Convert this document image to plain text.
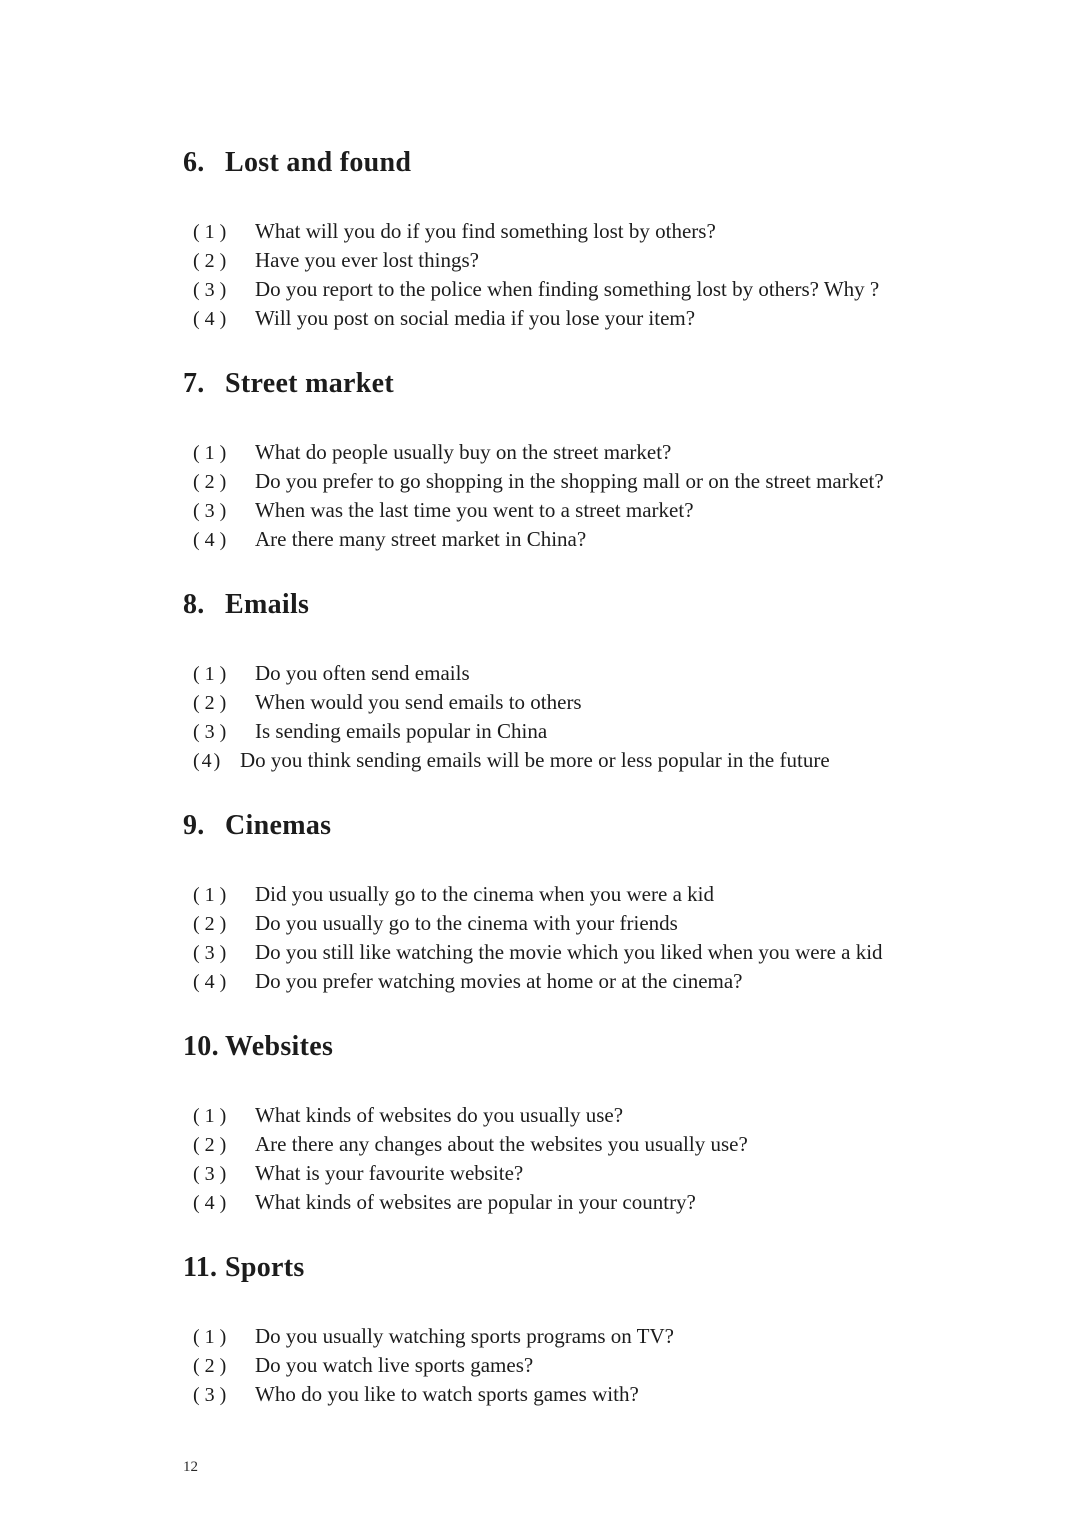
6. Lost and found
(1) What will you do if you find something lost by others?
(2) Have you ever lost things?
(3) Do you report to the police when finding something lost by others? Why ?
(4) Will you post on social media if you lose your item?
7. Street market
(1) What do people usually buy on the street market?
(2) Do you prefer to go shopping in the shopping mall or on the street market?
(3) When was the last time you went to a street market?
(4) Are there many street market in China?
8. Emails
(1) Do you often send emails
(2) When would you send emails to others
(3) Is sending emails popular in China
(4) Do you think sending emails will be more or less popular in the future
9. Cinemas
(1) Did you usually go to the cinema when you were a kid
(2) Do you usually go to the cinema with your friends
(3) Do you still like watching the movie which you liked when you were a kid
(4) Do you prefer watching movies at home or at the cinema?
10. Websites
(1) What kinds of websites do you usually use?
(2) Are there any changes about the websites you usually use?
(3) What is your favourite website?
(4) What kinds of websites are popular in your country?
11. Sports
(1) Do you usually watching sports programs on TV?
(2) Do you watch live sports games?
(3) Who do you like to watch sports games with?
12
